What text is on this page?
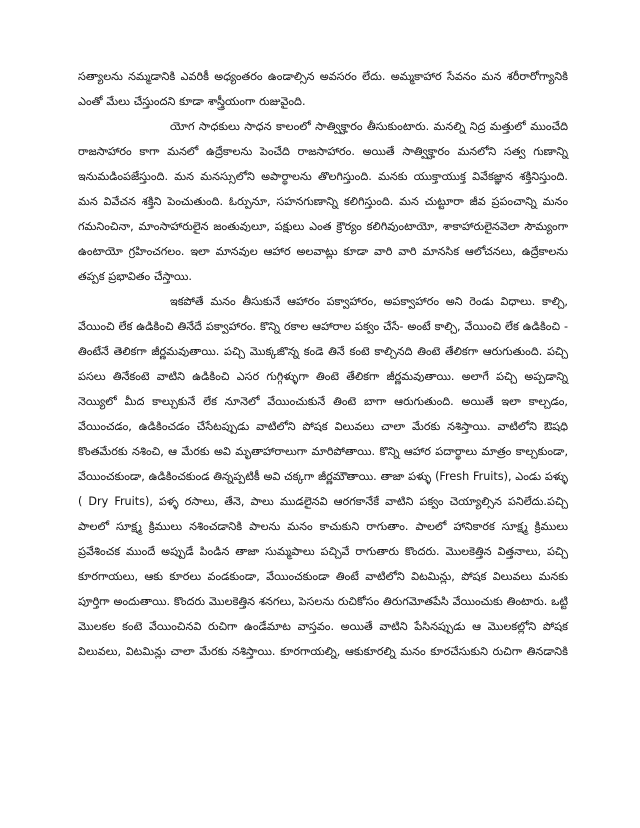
సత్యాలను నమ్మడానికి ఎవరికీ అధ్యంతరం ఉండాల్సిన అవసరం లేదు. అమ్మకాహార సేవనం మన శరీరారోగ్యానికి ఎంతో మేలు చేస్తుందని కూడా శాస్త్రీయంగా రుజువైంది.

యోగ సాధకులు సాధన కాలంలో సాత్విక్హారం తీసుకుంటారు. మనల్ని నిద్ర మత్తులో ముంచేది రాజసాహారం కాగా మనలో ఉద్రేకాలను పెంచేది రాజసాహారం. అయితే సాత్విక్హారం మనలోని సత్వ గుణాన్ని ఇనుమడింపజేస్తుంది. మన మనస్సులోని అపార్థాలను తొలగిస్తుంది. మనకు యుక్తాయుక్త వివేకజ్ఞాన శక్తినిస్తుంది. మన వివేచన శక్తిని పెంచుతుంది. ఓర్పునూ, సహనగుణాన్ని కలిగిస్తుంది. మన చుట్టూరా జీవ ప్రపంచాన్ని మనం గమనించినా, మాంసాహారులైన జంతువులూ, పక్షులు ఎంత క్రౌర్యం కలిగివుంటాయో, శాకాహారులైనవెలా సౌమ్యంగా ఉంటాయో గ్రహించగలం. ఇలా మానవుల ఆహార అలవాట్లు కూడా వారి వారి మానసిక ఆలోచనలు, ఉద్రేకాలను తప్పక ప్రభావితం చేస్తాయి.

ఇకపోతే మనం తీసుకునే ఆహారం పక్వాహారం, అపక్వాహారం అని రెండు విధాలు. కాల్చి, వేయించి లేక ఉడికించి తినేదే పక్వాహారం. కొన్ని రకాల ఆహారాల పక్వం చేసే- అంటే కాల్చి, వేయించి లేక ఉడికించి - తింటేనే తెలికగా జీర్ణమవుతాయి. పచ్చి మొక్కజొన్న కండె తినే కంటె కాల్చినది తింటె తేలికగా ఆరుగుతుంది. పచ్చి పసలు తినేకంటె వాటిని ఉడికించి ఎసర గుగ్గిళ్ళుగా తింటె తేలికగా జీర్ణమవుతాయి. అలాగే పచ్చి అప్పడాన్ని నెయ్యిలో మీద కాల్చుకునే లేక నూనెలో వేయించుకునే తింటె బాగా ఆరుగుతుంది. అయితే ఇలా కాల్చడం, వేయించడం, ఉడికించడం చేసేటప్పుడు వాటిలోని పోషక విలువలు చాలా మేరకు నశిస్తాయి. వాటిలోని ఔషధి కొంతమేరకు నశించి, ఆ మేరకు అవి మృతాహారాలుగా మారిపోతాయి. కొన్ని ఆహార పదార్థాలు మాత్రం కాల్చకుండా, వేయించకుండా, ఉడికించకుండ తిన్నప్పటికీ అవి చక్కగా జీర్ణమౌతాయి. తాజా పళ్ళు (Fresh Fruits), ఎండు పళ్ళు ( Dry Fruits), పళ్ళ రసాలు, తేనె, పాలు ముడలైనవి ఆరగకానేకే వాటిని పక్వం చెయ్యాల్సిన పనిలేదు.పచ్చి పాలలో సూక్ష్మ క్రిములు నశించడానికి పాలను మనం కాచుకుని రాగుతాం. పాలలో హానికారక సూక్ష్మ క్రిములు ప్రవేశించక ముందే అప్పుడే పిండిన తాజా సుమ్మపాలు పచ్చివే రాగుతారు కొందరు. మొలకెత్తిన విత్తనాలు, పచ్చి కూరగాయలు, ఆకు కూరలు వండకుండా, వేయించకుండా తింటే వాటిలోని విటమిన్లు, పోషక విలువలు మనకు పూర్తిగా అందుతాయి. కొందరు మొలకెత్తిన శనగలు, పెసలను రుచికోసం తిరుగమోతపేసి వేయించుకు తింటారు. ఒట్టి మొలకల కంటె వేయించినవి రుచిగా ఉండేమాట వాస్తవం. అయితే వాటిని పేసినప్పుడు ఆ మొలకల్లోని పోషక విలువలు, విటమిన్లు చాలా మేరకు నశిస్తాయి. కూరగాయల్ని, ఆకుకూరల్ని మనం కూరచేసుకుని రుచిగా తినడానికి
